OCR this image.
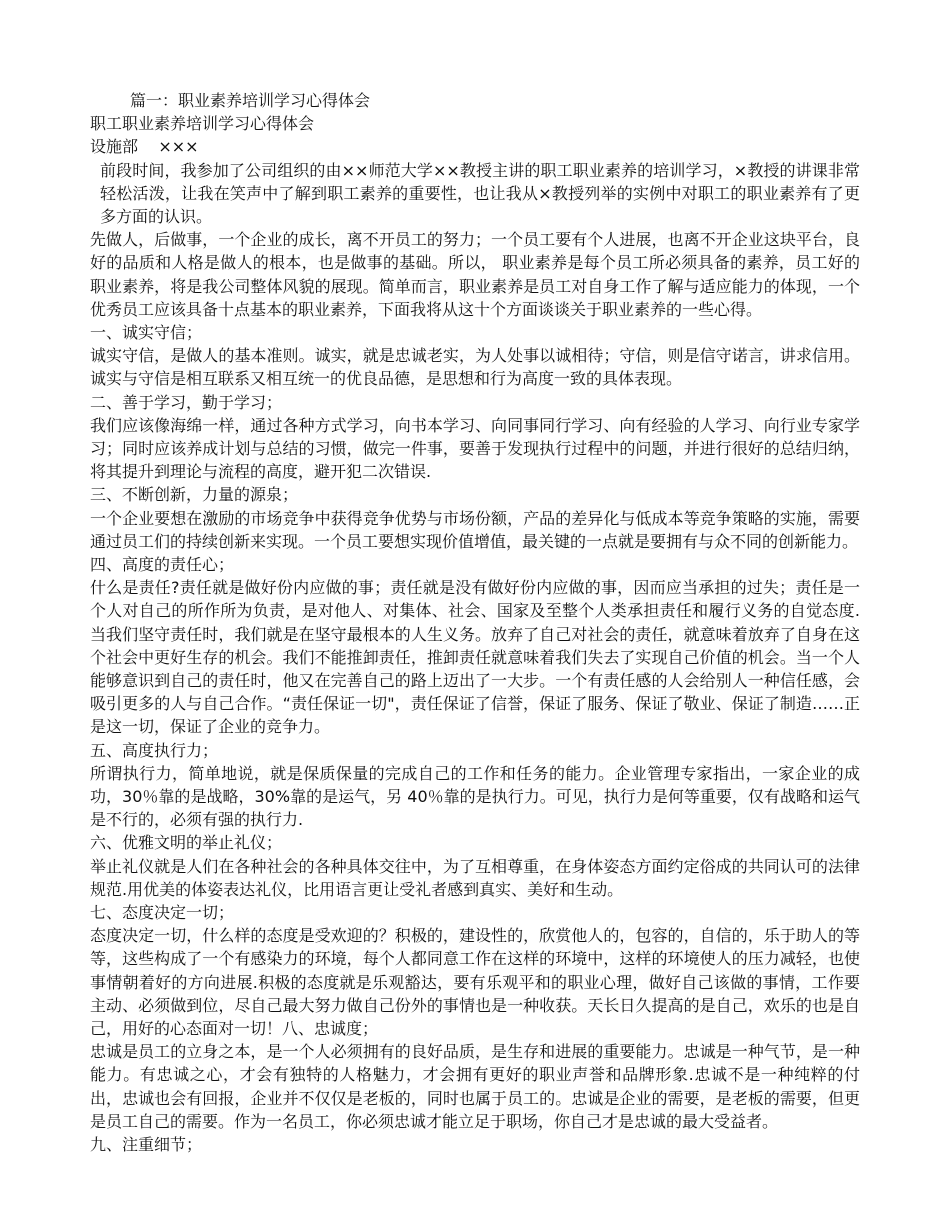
篇一：职业素养培训学习心得体会

职工职业素养培训学习心得体会

设施部    ×××

前段时间，我参加了公司组织的由××师范大学××教授主讲的职工职业素养的培训学习，×教授的讲课非常轻松活泼，让我在笑声中了解到职工素养的重要性，也让我从×教授列举的实例中对职工的职业素养有了更多方面的认识。

先做人，后做事，一个企业的成长，离不开员工的努力；一个员工要有个人进展，也离不开企业这块平台，良好的品质和人格是做人的根本，也是做事的基础。所以， 职业素养是每个员工所必须具备的素养，员工好的职业素养，将是我公司整体风貌的展现。简单而言，职业素养是员工对自身工作了解与适应能力的体现，一个优秀员工应该具备十点基本的职业素养，下面我将从这十个方面谈谈关于职业素养的一些心得。

一、诚实守信；

诚实守信，是做人的基本准则。诚实，就是忠诚老实，为人处事以诚相待；守信，则是信守诺言，讲求信用。诚实与守信是相互联系又相互统一的优良品德，是思想和行为高度一致的具体表现。

二、善于学习，勤于学习；

我们应该像海绵一样，通过各种方式学习，向书本学习、向同事同行学习、向有经验的人学习、向行业专家学习；同时应该养成计划与总结的习惯，做完一件事，要善于发现执行过程中的问题，并进行很好的总结归纳，将其提升到理论与流程的高度，避开犯二次错误.

三、不断创新，力量的源泉；

一个企业要想在激励的市场竞争中获得竞争优势与市场份额，产品的差异化与低成本等竞争策略的实施，需要通过员工们的持续创新来实现。一个员工要想实现价值增值，最关键的一点就是要拥有与众不同的创新能力。

四、高度的责任心；

什么是责任?责任就是做好份内应做的事；责任就是没有做好份内应做的事，因而应当承担的过失；责任是一个人对自己的所作所为负责，是对他人、对集体、社会、国家及至整个人类承担责任和履行义务的自觉态度.当我们坚守责任时，我们就是在坚守最根本的人生义务。放弃了自己对社会的责任，就意味着放弃了自身在这个社会中更好生存的机会。我们不能推卸责任，推卸责任就意味着我们失去了实现自己价值的机会。当一个人能够意识到自己的责任时，他又在完善自己的路上迈出了一大步。一个有责任感的人会给别人一种信任感，会吸引更多的人与自己合作。“责任保证一切"，责任保证了信誉，保证了服务、保证了敬业、保证了制造……正是这一切，保证了企业的竞争力。

五、高度执行力；

所谓执行力，简单地说，就是保质保量的完成自己的工作和任务的能力。企业管理专家指出，一家企业的成功，30％靠的是战略，30%靠的是运气，另 40％靠的是执行力。可见，执行力是何等重要，仅有战略和运气是不行的，必须有强的执行力.

六、优雅文明的举止礼仪；

举止礼仪就是人们在各种社会的各种具体交往中，为了互相尊重，在身体姿态方面约定俗成的共同认可的法律规范.用优美的体姿表达礼仪，比用语言更让受礼者感到真实、美好和生动。

七、态度决定一切；

态度决定一切，什么样的态度是受欢迎的？积极的，建设性的，欣赏他人的，包容的，自信的，乐于助人的等等，这些构成了一个有感染力的环境，每个人都同意工作在这样的环境中，这样的环境使人的压力减轻，也使事情朝着好的方向进展.积极的态度就是乐观豁达，要有乐观平和的职业心理，做好自己该做的事情，工作要主动、必须做到位，尽自己最大努力做自己份外的事情也是一种收获。天长日久提高的是自己，欢乐的也是自己，用好的心态面对一切！八、忠诚度；

忠诚是员工的立身之本，是一个人必须拥有的良好品质，是生存和进展的重要能力。忠诚是一种气节，是一种能力。有忠诚之心，才会有独特的人格魅力，才会拥有更好的职业声誉和品牌形象.忠诚不是一种纯粹的付出，忠诚也会有回报，企业并不仅仅是老板的，同时也属于员工的。忠诚是企业的需要，是老板的需要，但更是员工自己的需要。作为一名员工，你必须忠诚才能立足于职场，你自己才是忠诚的最大受益者。

九、注重细节；
